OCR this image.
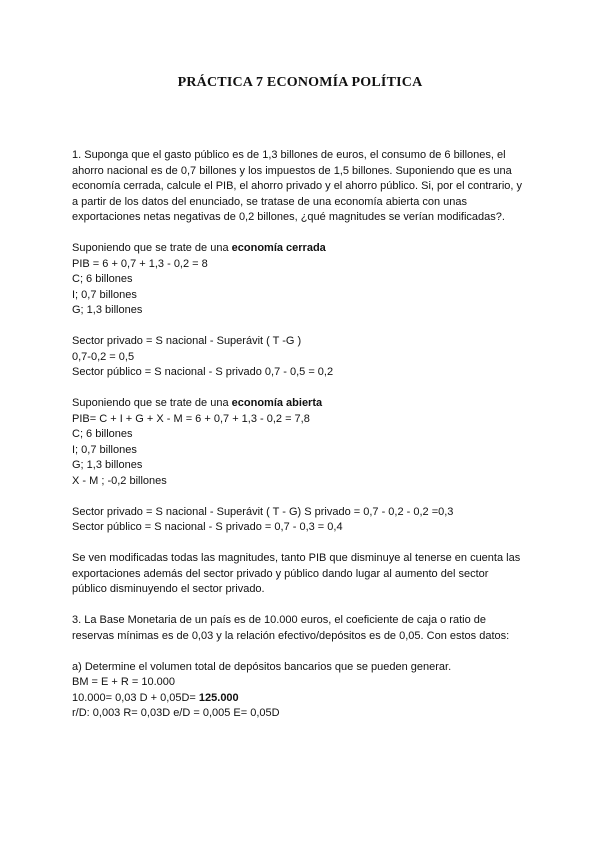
PRÁCTICA 7 ECONOMÍA POLÍTICA
1. Suponga que el gasto público es de 1,3 billones de euros, el consumo de 6 billones, el
ahorro nacional es de 0,7 billones y los impuestos de 1,5 billones. Suponiendo que es una
economía cerrada, calcule el PIB, el ahorro privado y el ahorro público. Si, por el contrario, y
a partir de los datos del enunciado, se tratase de una economía abierta con unas
exportaciones netas negativas de 0,2 billones, ¿qué magnitudes se verían modificadas?.
Suponiendo que se trate de una economía cerrada
PIB = 6 + 0,7 + 1,3 - 0,2 = 8
C; 6 billones
I; 0,7 billones
G; 1,3 billones
Sector privado = S nacional - Superávit ( T -G )
0,7-0,2 = 0,5
Sector público = S nacional - S privado 0,7 - 0,5 = 0,2
Suponiendo que se trate de una economía abierta
PIB= C + I + G + X - M = 6 + 0,7 + 1,3 - 0,2 = 7,8
C; 6 billones
I; 0,7 billones
G; 1,3 billones
X - M ; -0,2 billones
Sector privado = S nacional - Superávit ( T - G) S privado = 0,7 - 0,2 - 0,2 =0,3
Sector público = S nacional - S privado = 0,7 - 0,3 = 0,4
Se ven modificadas todas las magnitudes, tanto PIB que disminuye al tenerse en cuenta las
exportaciones además del sector privado y público dando lugar al aumento del sector
público disminuyendo el sector privado.
3. La Base Monetaria de un país es de 10.000 euros, el coeficiente de caja o ratio de
reservas mínimas es de 0,03 y la relación efectivo/depósitos es de 0,05. Con estos datos:
a) Determine el volumen total de depósitos bancarios que se pueden generar.
BM = E + R = 10.000
10.000= 0,03 D + 0,05D= 125.000
r/D: 0,003 R= 0,03D e/D = 0,005 E= 0,05D
